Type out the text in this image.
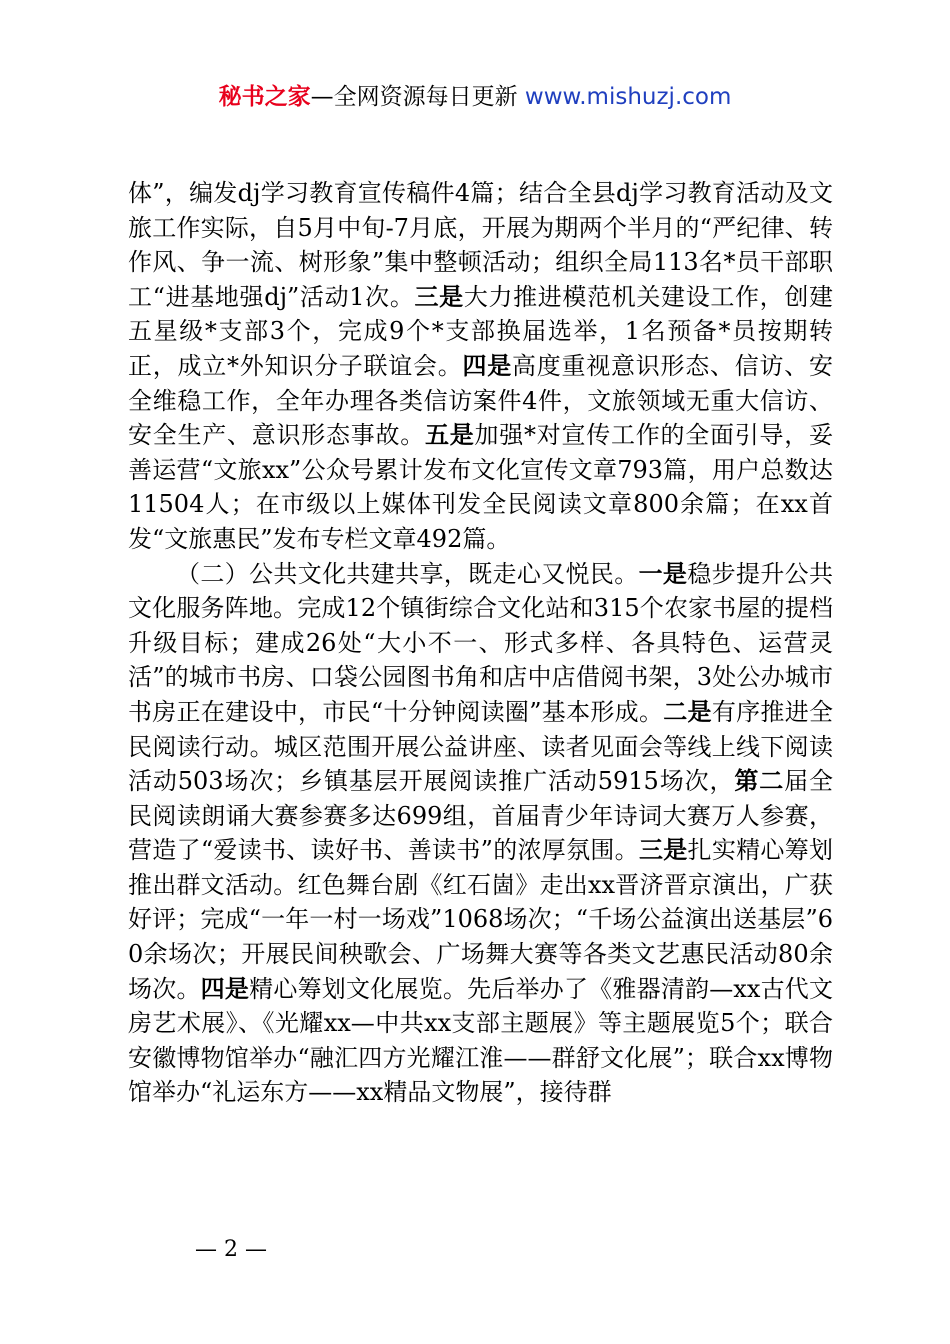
秘书之家—全网资源每日更新 www.mishuzj.com

体”，编发dj学习教育宣传稿件4篇；结合全县dj学习教育活动及文旅工作实际，自5月中旬-7月底，开展为期两个半月的“严纪律、转作风、争一流、树形象”集中整顿活动；组织全局113名*员干部职工“进基地强dj”活动1次。三是大力推进模范机关建设工作，创建五星级*支部3个，完成9个*支部换届选举，1名预备*员按期转正，成立*外知识分子联谊会。四是高度重视意识形态、信访、安全维稳工作，全年办理各类信访案件4件，文旅领域无重大信访、安全生产、意识形态事故。五是加强*对宣传工作的全面引导，妥善运营“文旅xx”公众号累计发布文化宣传文章793篇，用户总数达11504人；在市级以上媒体刊发全民阅读文章800余篇；在xx首发“文旅惠民”发布专栏文章492篇。

（二）公共文化共建共享，既走心又悦民。一是稳步提升公共文化服务阵地。完成12个镇街综合文化站和315个农家书屋的提档升级目标；建成26处“大小不一、形式多样、各具特色、运营灵活”的城市书房、口袋公园图书角和店中店借阅书架，3处公办城市书房正在建设中，市民“十分钟阅读圈”基本形成。二是有序推进全民阅读行动。城区范围开展公益讲座、读者见面会等线上线下阅读活动503场次；乡镇基层开展阅读推广活动5915场次，第二届全民阅读朗诵大赛参赛多达699组，首届青少年诗词大赛万人参赛，营造了“爱读书、读好书、善读书”的浓厚氛围。三是扎实精心筹划推出群文活动。红色舞台剧《红石崮》走出xx晋济晋京演出，广获好评；完成“一年一村一场戏”1068场次；“千场公益演出送基层”60余场次；开展民间秧歌会、广场舞大赛等各类文艺惠民活动80余场次。四是精心筹划文化展览。先后举办了《雅器清韵—xx古代文房艺术展》、《光耀xx—中共xx支部主题展》等主题展览5个；联合安徽博物馆举办“融汇四方光耀江淮——群舒文化展”；联合xx博物馆举办“礼运东方——xx精品文物展”，接待群

— 2 —
